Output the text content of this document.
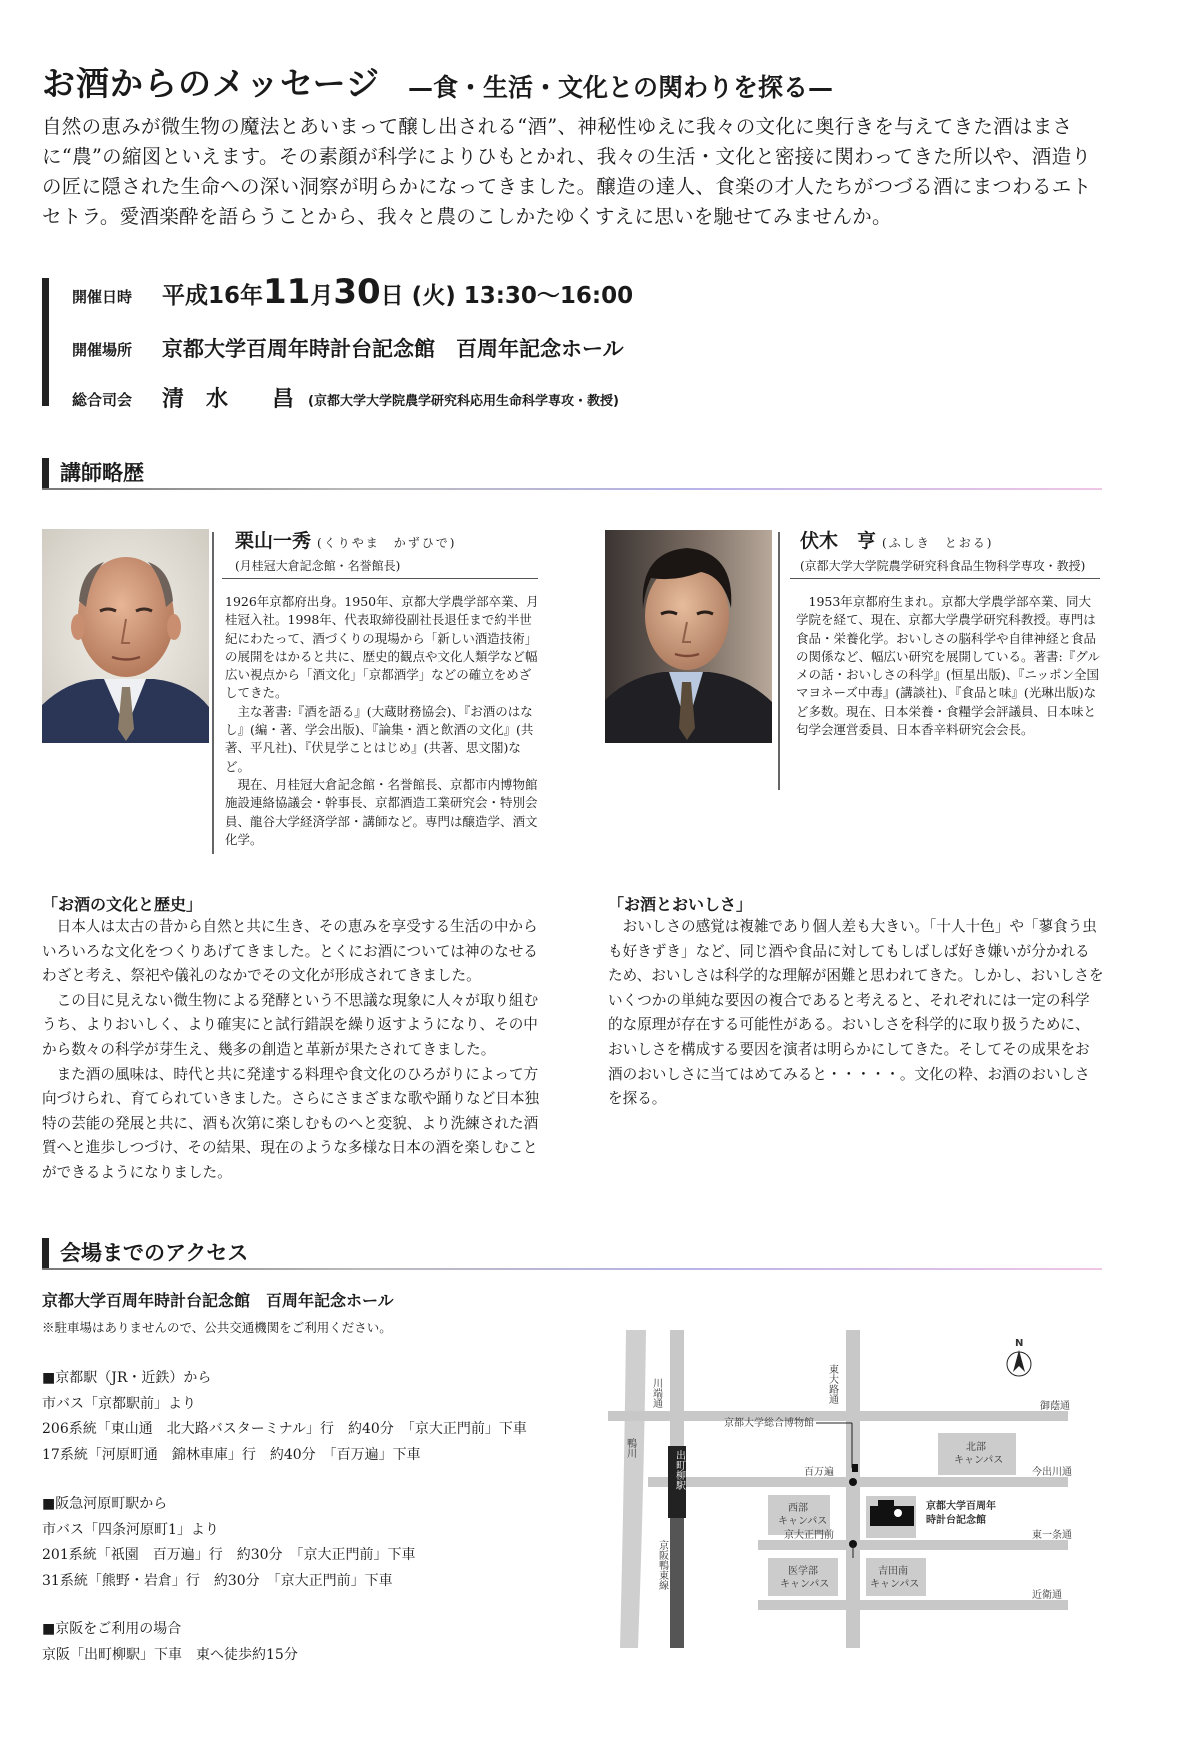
お酒からのメッセージ —食・生活・文化との関わりを探る—
自然の恵みが微生物の魔法とあいまって醸し出される“酒”、神秘性ゆえに我々の文化に奥行きを与えてきた酒はまさに“農”の縮図といえます。その素顔が科学によりひもとかれ、我々の生活・文化と密接に関わってきた所以や、酒造りの匠に隠された生命への深い洞察が明らかになってきました。醸造の達人、食楽の才人たちがつづる酒にまつわるエトセトラ。愛酒楽酔を語らうことから、我々と農のこしかたゆくすえに思いを馳せてみませんか。
開催日時 平成16年11月30日 (火) 13:30〜16:00
開催場所 京都大学百周年時計台記念館　百周年記念ホール
総合司会 清　水　　昌 (京都大学大学院農学研究科応用生命科学専攻・教授)
講師略歴
栗山一秀 (くりやま　かずひで)
(月桂冠大倉記念館・名誉館長)
1926年京都府出身。1950年、京都大学農学部卒業、月桂冠入社。1998年、代表取締役副社長退任まで約半世紀にわたって、酒づくりの現場から「新しい酒造技術」の展開をはかると共に、歴史的観点や文化人類学など幅広い視点から「酒文化」「京都酒学」などの確立をめざしてきた。
主な著書:『酒を語る』(大蔵財務協会)、『お酒のはなし』(編・著、学会出版)、『論集・酒と飲酒の文化』(共著、平凡社)、『伏見学ことはじめ』(共著、思文閣)など。
現在、月桂冠大倉記念館・名誉館長、京都市内博物館施設連絡協議会・幹事長、京都酒造工業研究会・特別会員、龍谷大学経済学部・講師など。専門は醸造学、酒文化学。
伏木　亨 (ふしき　とおる)
(京都大学大学院農学研究科食品生物科学専攻・教授)
1953年京都府生まれ。京都大学農学部卒業、同大学院を経て、現在、京都大学農学研究科教授。専門は食品・栄養化学。おいしさの脳科学や自律神経と食品の関係など、幅広い研究を展開している。著書:『グルメの話・おいしさの科学』(恒星出版)、『ニッポン全国マヨネーズ中毒』(講談社)、『食品と味』(光琳出版)など多数。現在、日本栄養・食糧学会評議員、日本味と匂学会運営委員、日本香辛料研究会会長。
「お酒の文化と歴史」
日本人は太古の昔から自然と共に生き、その恵みを享受する生活の中からいろいろな文化をつくりあげてきました。とくにお酒については神のなせるわざと考え、祭祀や儀礼のなかでその文化が形成されてきました。
この目に見えない微生物による発酵という不思議な現象に人々が取り組むうち、よりおいしく、より確実にと試行錯誤を繰り返すようになり、その中から数々の科学が芽生え、幾多の創造と革新が果たされてきました。
また酒の風味は、時代と共に発達する料理や食文化のひろがりによって方向づけられ、育てられていきました。さらにさまざまな歌や踊りなど日本独特の芸能の発展と共に、酒も次第に楽しむものへと変貌、より洗練された酒質へと進歩しつづけ、その結果、現在のような多様な日本の酒を楽しむことができるようになりました。
「お酒とおいしさ」
おいしさの感覚は複雑であり個人差も大きい。「十人十色」や「蓼食う虫も好きずき」など、同じ酒や食品に対してもしばしば好き嫌いが分かれるため、おいしさは科学的な理解が困難と思われてきた。しかし、おいしさをいくつかの単純な要因の複合であると考えると、それぞれには一定の科学的な原理が存在する可能性がある。おいしさを科学的に取り扱うために、おいしさを構成する要因を演者は明らかにしてきた。そしてその成果をお酒のおいしさに当てはめてみると・・・・・。文化の粋、お酒のおいしさを探る。
会場までのアクセス
京都大学百周年時計台記念館　百周年記念ホール
※駐車場はありませんので、公共交通機関をご利用ください。
■京都駅（JR・近鉄）から
市バス「京都駅前」より
206系統「東山通　北大路バスターミナル」行　約40分　「京大正門前」下車
17系統「河原町通　錦林車庫」行　約40分　「百万遍」下車
■阪急河原町駅から
市バス「四条河原町1」より
201系統「祇園　百万遍」行　約30分　「京大正門前」下車
31系統「熊野・岩倉」行　約30分　「京大正門前」下車
■京阪をご利用の場合
京阪「出町柳駅」下車　東へ徒歩約15分
N
川端通	東大路通
御蔭通
今出川通
東一条通
近衛通
百万遍
京大正門前
鴨川
出町柳駅
京阪鴨東線
京都大学総合博物館
北部
キャンパス
西部
キャンパス
医学部
キャンパス
吉田南
キャンパス
京都大学百周年
時計台記念館
